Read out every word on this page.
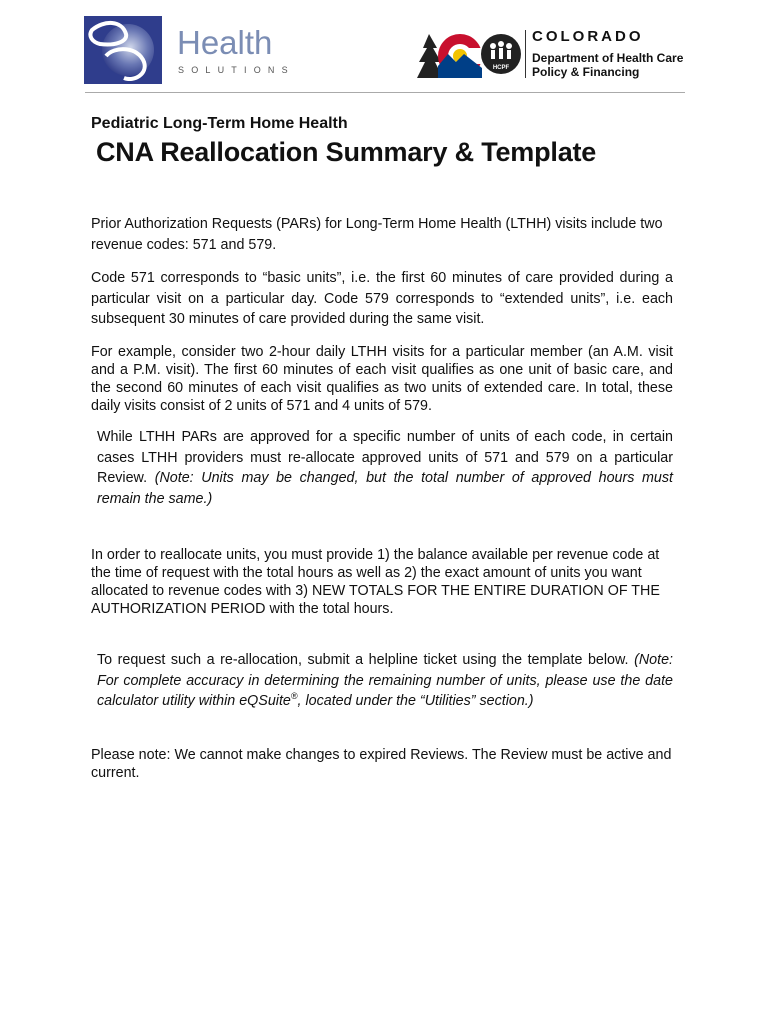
Health
SOLUTIONS	HCPF
COLORADO
Department of Health Care
Policy & Financing
Pediatric Long-Term Home Health
CNA Reallocation Summary & Template

Prior Authorization Requests (PARs) for Long-Term Home Health (LTHH) visits include two revenue codes: 571 and 579.

Code 571 corresponds to “basic units”, i.e. the first 60 minutes of care provided during a particular visit on a particular day. Code 579 corresponds to “extended units”, i.e. each subsequent 30 minutes of care provided during the same visit.

For example, consider two 2-hour daily LTHH visits for a particular member (an A.M. visit and a P.M. visit). The first 60 minutes of each visit qualifies as one unit of basic care, and the second 60 minutes of each visit qualifies as two units of extended care. In total, these daily visits consist of 2 units of 571 and 4 units of 579.

While LTHH PARs are approved for a specific number of units of each code, in certain cases LTHH providers must re-allocate approved units of 571 and 579 on a particular Review. (Note: Units may be changed, but the total number of approved hours must remain the same.)

In order to reallocate units, you must provide 1) the balance available per revenue code at the time of request with the total hours as well as 2) the exact amount of units you want allocated to revenue codes with 3) NEW TOTALS FOR THE ENTIRE DURATION OF THE AUTHORIZATION PERIOD with the total hours.

To request such a re-allocation, submit a helpline ticket using the template below. (Note: For complete accuracy in determining the remaining number of units, please use the date calculator utility within eQSuite®, located under the “Utilities” section.)

Please note: We cannot make changes to expired Reviews. The Review must be active and current.
